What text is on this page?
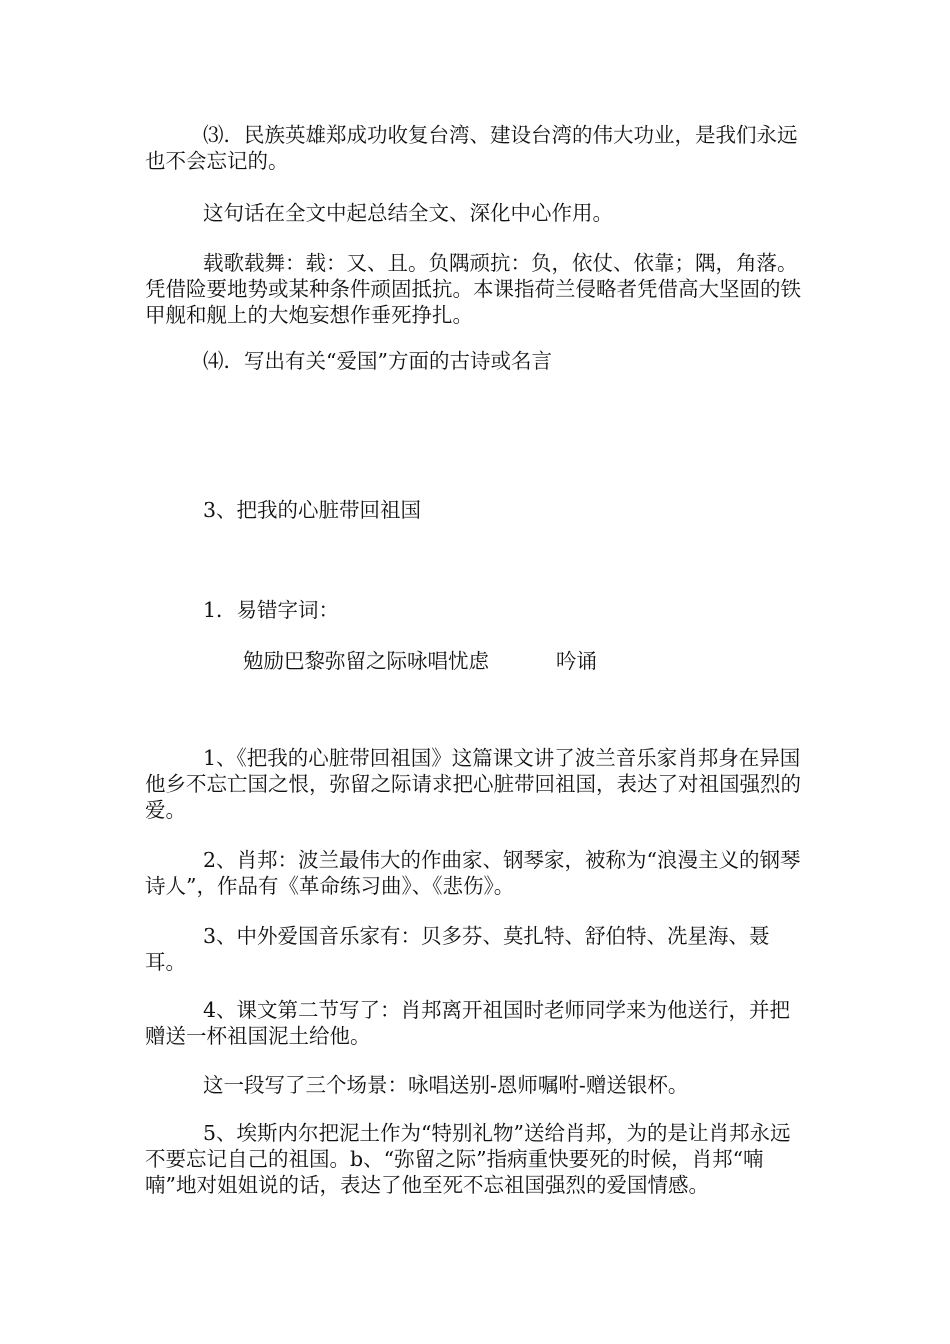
⑶．民族英雄郑成功收复台湾、建设台湾的伟大功业，是我们永远也不会忘记的。

这句话在全文中起总结全文、深化中心作用。

载歌载舞：载：又、且。负隅顽抗：负，依仗、依靠；隅，角落。凭借险要地势或某种条件顽固抵抗。本课指荷兰侵略者凭借高大坚固的铁甲舰和舰上的大炮妄想作垂死挣扎。

⑷．写出有关“爱国”方面的古诗或名言

3、把我的心脏带回祖国

1．易错字词：

勉励巴黎弥留之际咏唱忧虑	吟诵

1、《把我的心脏带回祖国》这篇课文讲了波兰音乐家肖邦身在异国他乡不忘亡国之恨，弥留之际请求把心脏带回祖国，表达了对祖国强烈的爱。

2、肖邦：波兰最伟大的作曲家、钢琴家，被称为“浪漫主义的钢琴诗人”，作品有《革命练习曲》、《悲伤》。

3、中外爱国音乐家有：贝多芬、莫扎特、舒伯特、冼星海、聂耳。

4、课文第二节写了：肖邦离开祖国时老师同学来为他送行，并把赠送一杯祖国泥土给他。

这一段写了三个场景：咏唱送别-恩师嘱咐-赠送银杯。

5、埃斯内尔把泥土作为“特别礼物”送给肖邦，为的是让肖邦永远不要忘记自己的祖国。b、“弥留之际”指病重快要死的时候，肖邦“喃喃”地对姐姐说的话，表达了他至死不忘祖国强烈的爱国情感。
